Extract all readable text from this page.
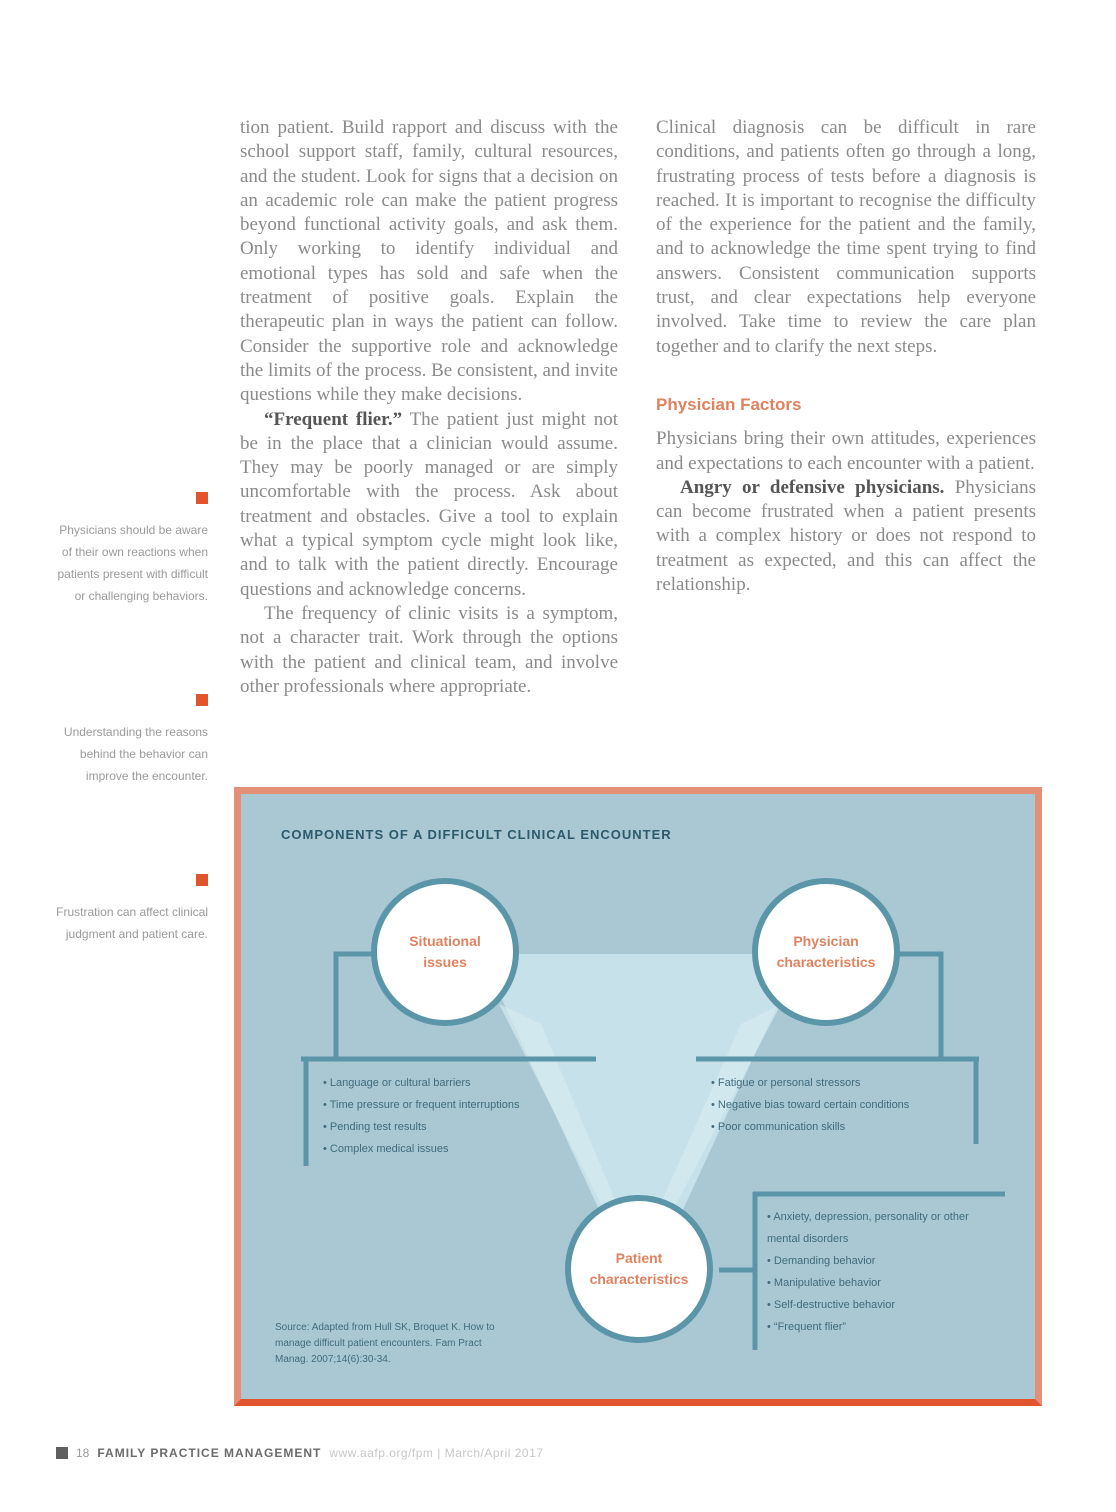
tion patient. Build rapport and discuss with the school support staff, family, cultural resources, and the student. Look for signs that a decision on an academic role can make the patient progress beyond functional activity goals, and ask them. Only working to identify individual and emotional types has sold and safe when the treatment of positive goals. Explain the therapeutic plan in ways the patient can follow. Consider the supportive role and acknowledge the limits of the process. Be consistent, and invite questions while they make decisions.

“Frequent flier.” The patient just might not be in the place that a clinician would assume. They may be poorly managed or are simply uncomfortable with the process. Ask about treatment and obstacles. Give a tool to explain what a typical symptom cycle might look like, and to talk with the patient directly. Encourage questions and acknowledge concerns.

The frequency of clinic visits is a symptom, not a character trait. Work through the options with the patient and clinical team, and involve other professionals where appropriate.

Clinical diagnosis can be difficult in rare conditions, and patients often go through a long, frustrating process of tests before a diagnosis is reached. It is important to recognise the difficulty of the experience for the patient and the family, and to acknowledge the time spent trying to find answers. Consistent communication supports trust, and clear expectations help everyone involved. Take time to review the care plan together and to clarify the next steps.

Physician Factors

Physicians bring their own attitudes, experiences and expectations to each encounter with a patient.

Angry or defensive physicians. Physicians can become frustrated when a patient presents with a complex history or does not respond to treatment as expected, and this can affect the relationship.

Physicians should be aware of their own reactions when patients present with difficult or challenging behaviors.

Understanding the reasons behind the behavior can improve the encounter.

Frustration can affect clinical judgment and patient care.
COMPONENTS OF A DIFFICULT CLINICAL ENCOUNTER
Situational issues
Physician characteristics
Patient characteristics
• Language or cultural barriers
• Time pressure or frequent interruptions
• Pending test results
• Complex medical issues
• Fatigue or personal stressors
• Negative bias toward certain conditions
• Poor communication skills
• Anxiety, depression, personality or other mental disorders
• Demanding behavior
• Manipulative behavior
• Self-destructive behavior
• “Frequent flier”
Source: Adapted from Hull SK, Broquet K. How to manage difficult patient encounters. Fam Pract Manag. 2007;14(6):30-34.
18 FAMILY PRACTICE MANAGEMENT www.aafp.org/fpm | March/April 2017
